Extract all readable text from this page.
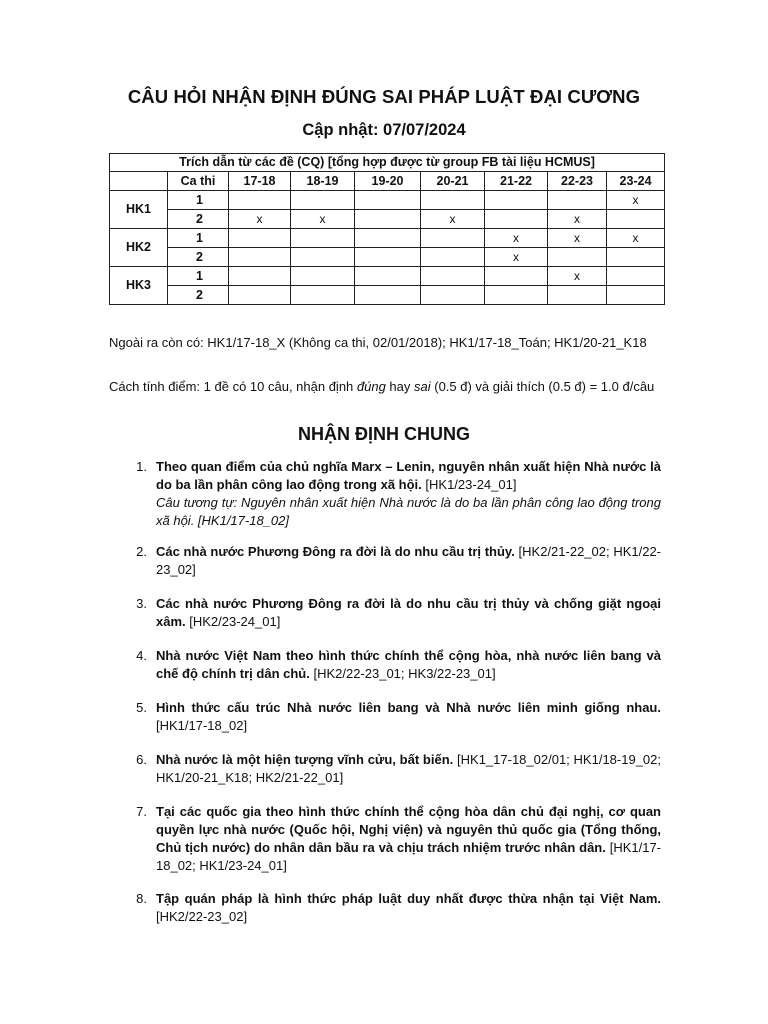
CÂU HỎI NHẬN ĐỊNH ĐÚNG SAI PHÁP LUẬT ĐẠI CƯƠNG
Cập nhật: 07/07/2024
Trích dẫn từ các đề (CQ) [tổng hợp được từ group FB tài liệu HCMUS]								
	Ca thi	17-18	18-19	19-20	20-21	21-22	22-23	23-24
HK1	1							x
	2	x	x		x		x	
HK2	1					x	x	x
	2					x		
HK3	1						x	
	2							
Ngoài ra còn có: HK1/17-18_X (Không ca thi, 02/01/2018); HK1/17-18_Toán; HK1/20-21_K18
Cách tính điểm: 1 đề có 10 câu, nhận định đúng hay sai (0.5 đ) và giải thích (0.5 đ) = 1.0 đ/câu
NHẬN ĐỊNH CHUNG
1. Theo quan điểm của chủ nghĩa Marx – Lenin, nguyên nhân xuất hiện Nhà nước là do ba lần phân công lao động trong xã hội. [HK1/23-24_01]
Câu tương tự: Nguyên nhân xuất hiện Nhà nước là do ba lần phân công lao động trong xã hội. [HK1/17-18_02]
2. Các nhà nước Phương Đông ra đời là do nhu cầu trị thủy. [HK2/21-22_02; HK1/22-23_02]
3. Các nhà nước Phương Đông ra đời là do nhu cầu trị thủy và chống giặt ngoại xâm. [HK2/23-24_01]
4. Nhà nước Việt Nam theo hình thức chính thể cộng hòa, nhà nước liên bang và chế độ chính trị dân chủ. [HK2/22-23_01; HK3/22-23_01]
5. Hình thức cấu trúc Nhà nước liên bang và Nhà nước liên minh giống nhau. [HK1/17-18_02]
6. Nhà nước là một hiện tượng vĩnh cửu, bất biến. [HK1_17-18_02/01; HK1/18-19_02; HK1/20-21_K18; HK2/21-22_01]
7. Tại các quốc gia theo hình thức chính thể cộng hòa dân chủ đại nghị, cơ quan quyền lực nhà nước (Quốc hội, Nghị viện) và nguyên thủ quốc gia (Tổng thống, Chủ tịch nước) do nhân dân bầu ra và chịu trách nhiệm trước nhân dân. [HK1/17-18_02; HK1/23-24_01]
8. Tập quán pháp là hình thức pháp luật duy nhất được thừa nhận tại Việt Nam. [HK2/22-23_02]
